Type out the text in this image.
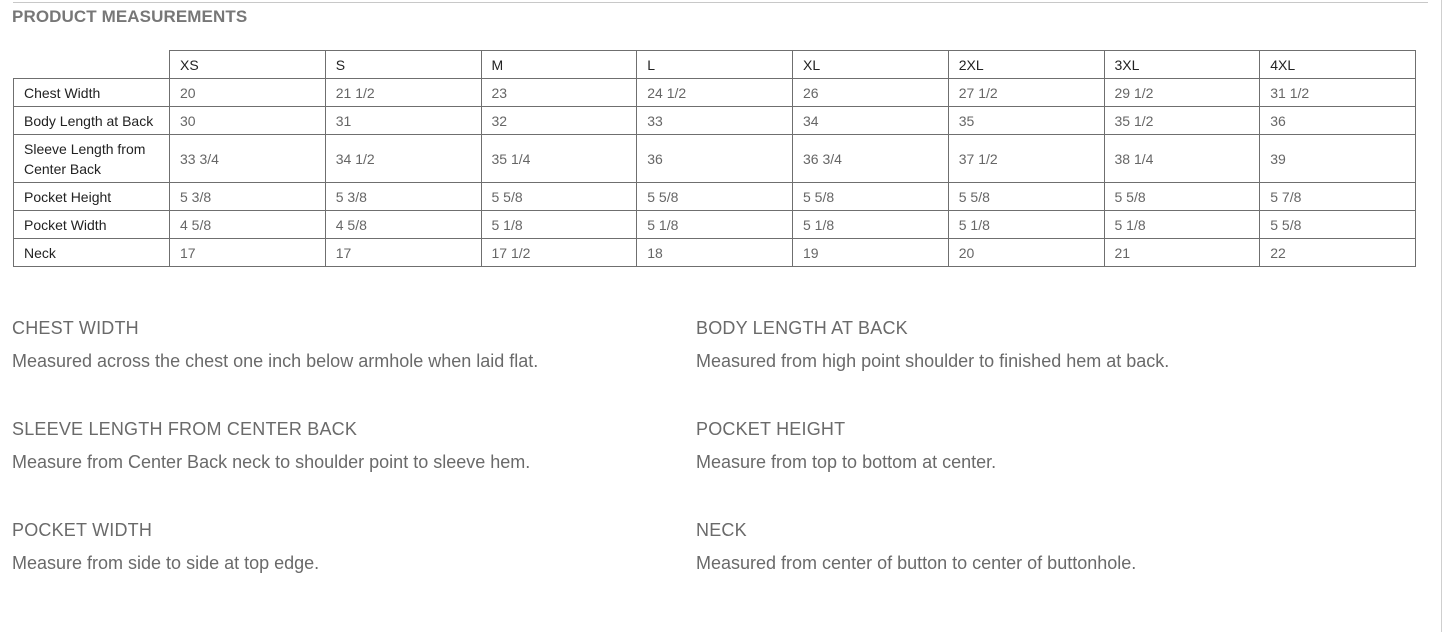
PRODUCT MEASUREMENTS
	XS	S	M	L	XL	2XL	3XL	4XL
Chest Width	20	21 1/2	23	24 1/2	26	27 1/2	29 1/2	31 1/2
Body Length at Back	30	31	32	33	34	35	35 1/2	36
Sleeve Length from Center Back	33 3/4	34 1/2	35 1/4	36	36 3/4	37 1/2	38 1/4	39
Pocket Height	5 3/8	5 3/8	5 5/8	5 5/8	5 5/8	5 5/8	5 5/8	5 7/8
Pocket Width	4 5/8	4 5/8	5 1/8	5 1/8	5 1/8	5 1/8	5 1/8	5 5/8
Neck	17	17	17 1/2	18	19	20	21	22
CHEST WIDTH
Measured across the chest one inch below armhole when laid flat.
BODY LENGTH AT BACK
Measured from high point shoulder to finished hem at back.
SLEEVE LENGTH FROM CENTER BACK
Measure from Center Back neck to shoulder point to sleeve hem.
POCKET HEIGHT
Measure from top to bottom at center.
POCKET WIDTH
Measure from side to side at top edge.
NECK
Measured from center of button to center of buttonhole.
